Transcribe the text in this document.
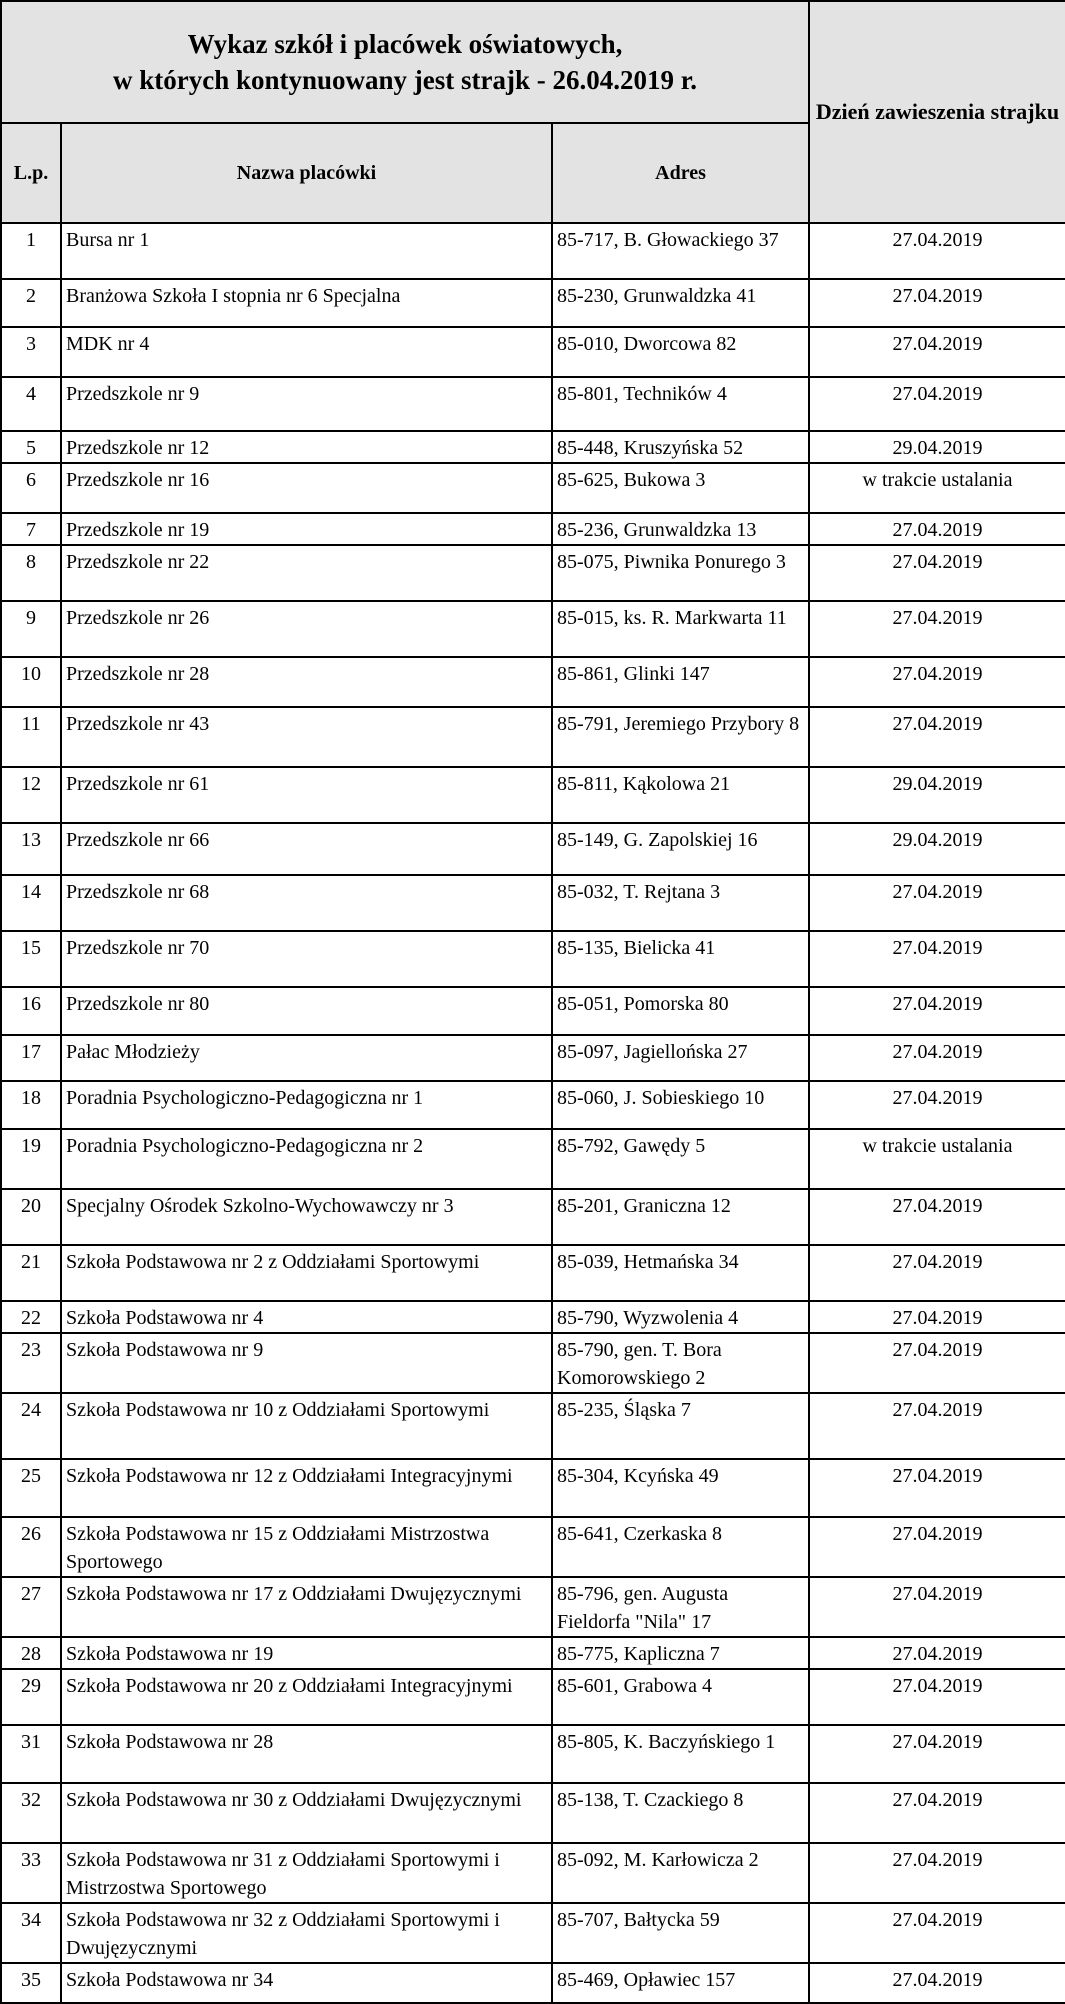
Wykaz szkół i placówek oświatowych,
w których kontynuowany jest strajk - 26.04.2019 r.			Dzień zawieszenia strajku
L.p.	Nazwa placówki	Adres	
1	Bursa nr 1	85-717, B. Głowackiego 37	27.04.2019
2	Branżowa Szkoła I stopnia nr 6 Specjalna	85-230, Grunwaldzka 41	27.04.2019
3	MDK nr 4	85-010, Dworcowa 82	27.04.2019
4	Przedszkole nr 9	85-801, Techników 4	27.04.2019
5	Przedszkole nr 12	85-448, Kruszyńska 52	29.04.2019
6	Przedszkole nr 16	85-625, Bukowa 3	w trakcie ustalania
7	Przedszkole nr 19	85-236, Grunwaldzka 13	27.04.2019
8	Przedszkole nr 22	85-075, Piwnika Ponurego 3	27.04.2019
9	Przedszkole nr 26	85-015, ks. R. Markwarta 11	27.04.2019
10	Przedszkole nr 28	85-861, Glinki 147	27.04.2019
11	Przedszkole nr 43	85-791, Jeremiego Przybory 8	27.04.2019
12	Przedszkole nr 61	85-811, Kąkolowa 21	29.04.2019
13	Przedszkole nr 66	85-149, G. Zapolskiej 16	29.04.2019
14	Przedszkole nr 68	85-032, T. Rejtana 3	27.04.2019
15	Przedszkole nr 70	85-135, Bielicka 41	27.04.2019
16	Przedszkole nr 80	85-051, Pomorska 80	27.04.2019
17	Pałac Młodzieży	85-097, Jagiellońska 27	27.04.2019
18	Poradnia Psychologiczno-Pedagogiczna nr 1	85-060, J. Sobieskiego 10	27.04.2019
19	Poradnia Psychologiczno-Pedagogiczna nr 2	85-792, Gawędy 5	w trakcie ustalania
20	Specjalny Ośrodek Szkolno-Wychowawczy nr 3	85-201, Graniczna 12	27.04.2019
21	Szkoła Podstawowa nr 2 z Oddziałami Sportowymi	85-039, Hetmańska 34	27.04.2019
22	Szkoła Podstawowa nr 4	85-790, Wyzwolenia 4	27.04.2019
23	Szkoła Podstawowa nr 9	85-790, gen. T. Bora Komorowskiego 2	27.04.2019
24	Szkoła Podstawowa nr 10 z Oddziałami Sportowymi	85-235, Śląska 7	27.04.2019
25	Szkoła Podstawowa nr 12 z Oddziałami Integracyjnymi	85-304, Kcyńska 49	27.04.2019
26	Szkoła Podstawowa nr 15 z Oddziałami Mistrzostwa Sportowego	85-641, Czerkaska 8	27.04.2019
27	Szkoła Podstawowa nr 17 z Oddziałami Dwujęzycznymi	85-796, gen. Augusta Fieldorfa "Nila" 17	27.04.2019
28	Szkoła Podstawowa nr 19	85-775, Kapliczna 7	27.04.2019
29	Szkoła Podstawowa nr 20 z Oddziałami Integracyjnymi	85-601, Grabowa 4	27.04.2019
31	Szkoła Podstawowa nr 28	85-805, K. Baczyńskiego 1	27.04.2019
32	Szkoła Podstawowa nr 30 z Oddziałami Dwujęzycznymi	85-138, T. Czackiego 8	27.04.2019
33	Szkoła Podstawowa nr 31 z Oddziałami Sportowymi i Mistrzostwa Sportowego	85-092, M. Karłowicza 2	27.04.2019
34	Szkoła Podstawowa nr 32 z Oddziałami Sportowymi i Dwujęzycznymi	85-707, Bałtycka 59	27.04.2019
35	Szkoła Podstawowa nr 34	85-469, Opławiec 157	27.04.2019
